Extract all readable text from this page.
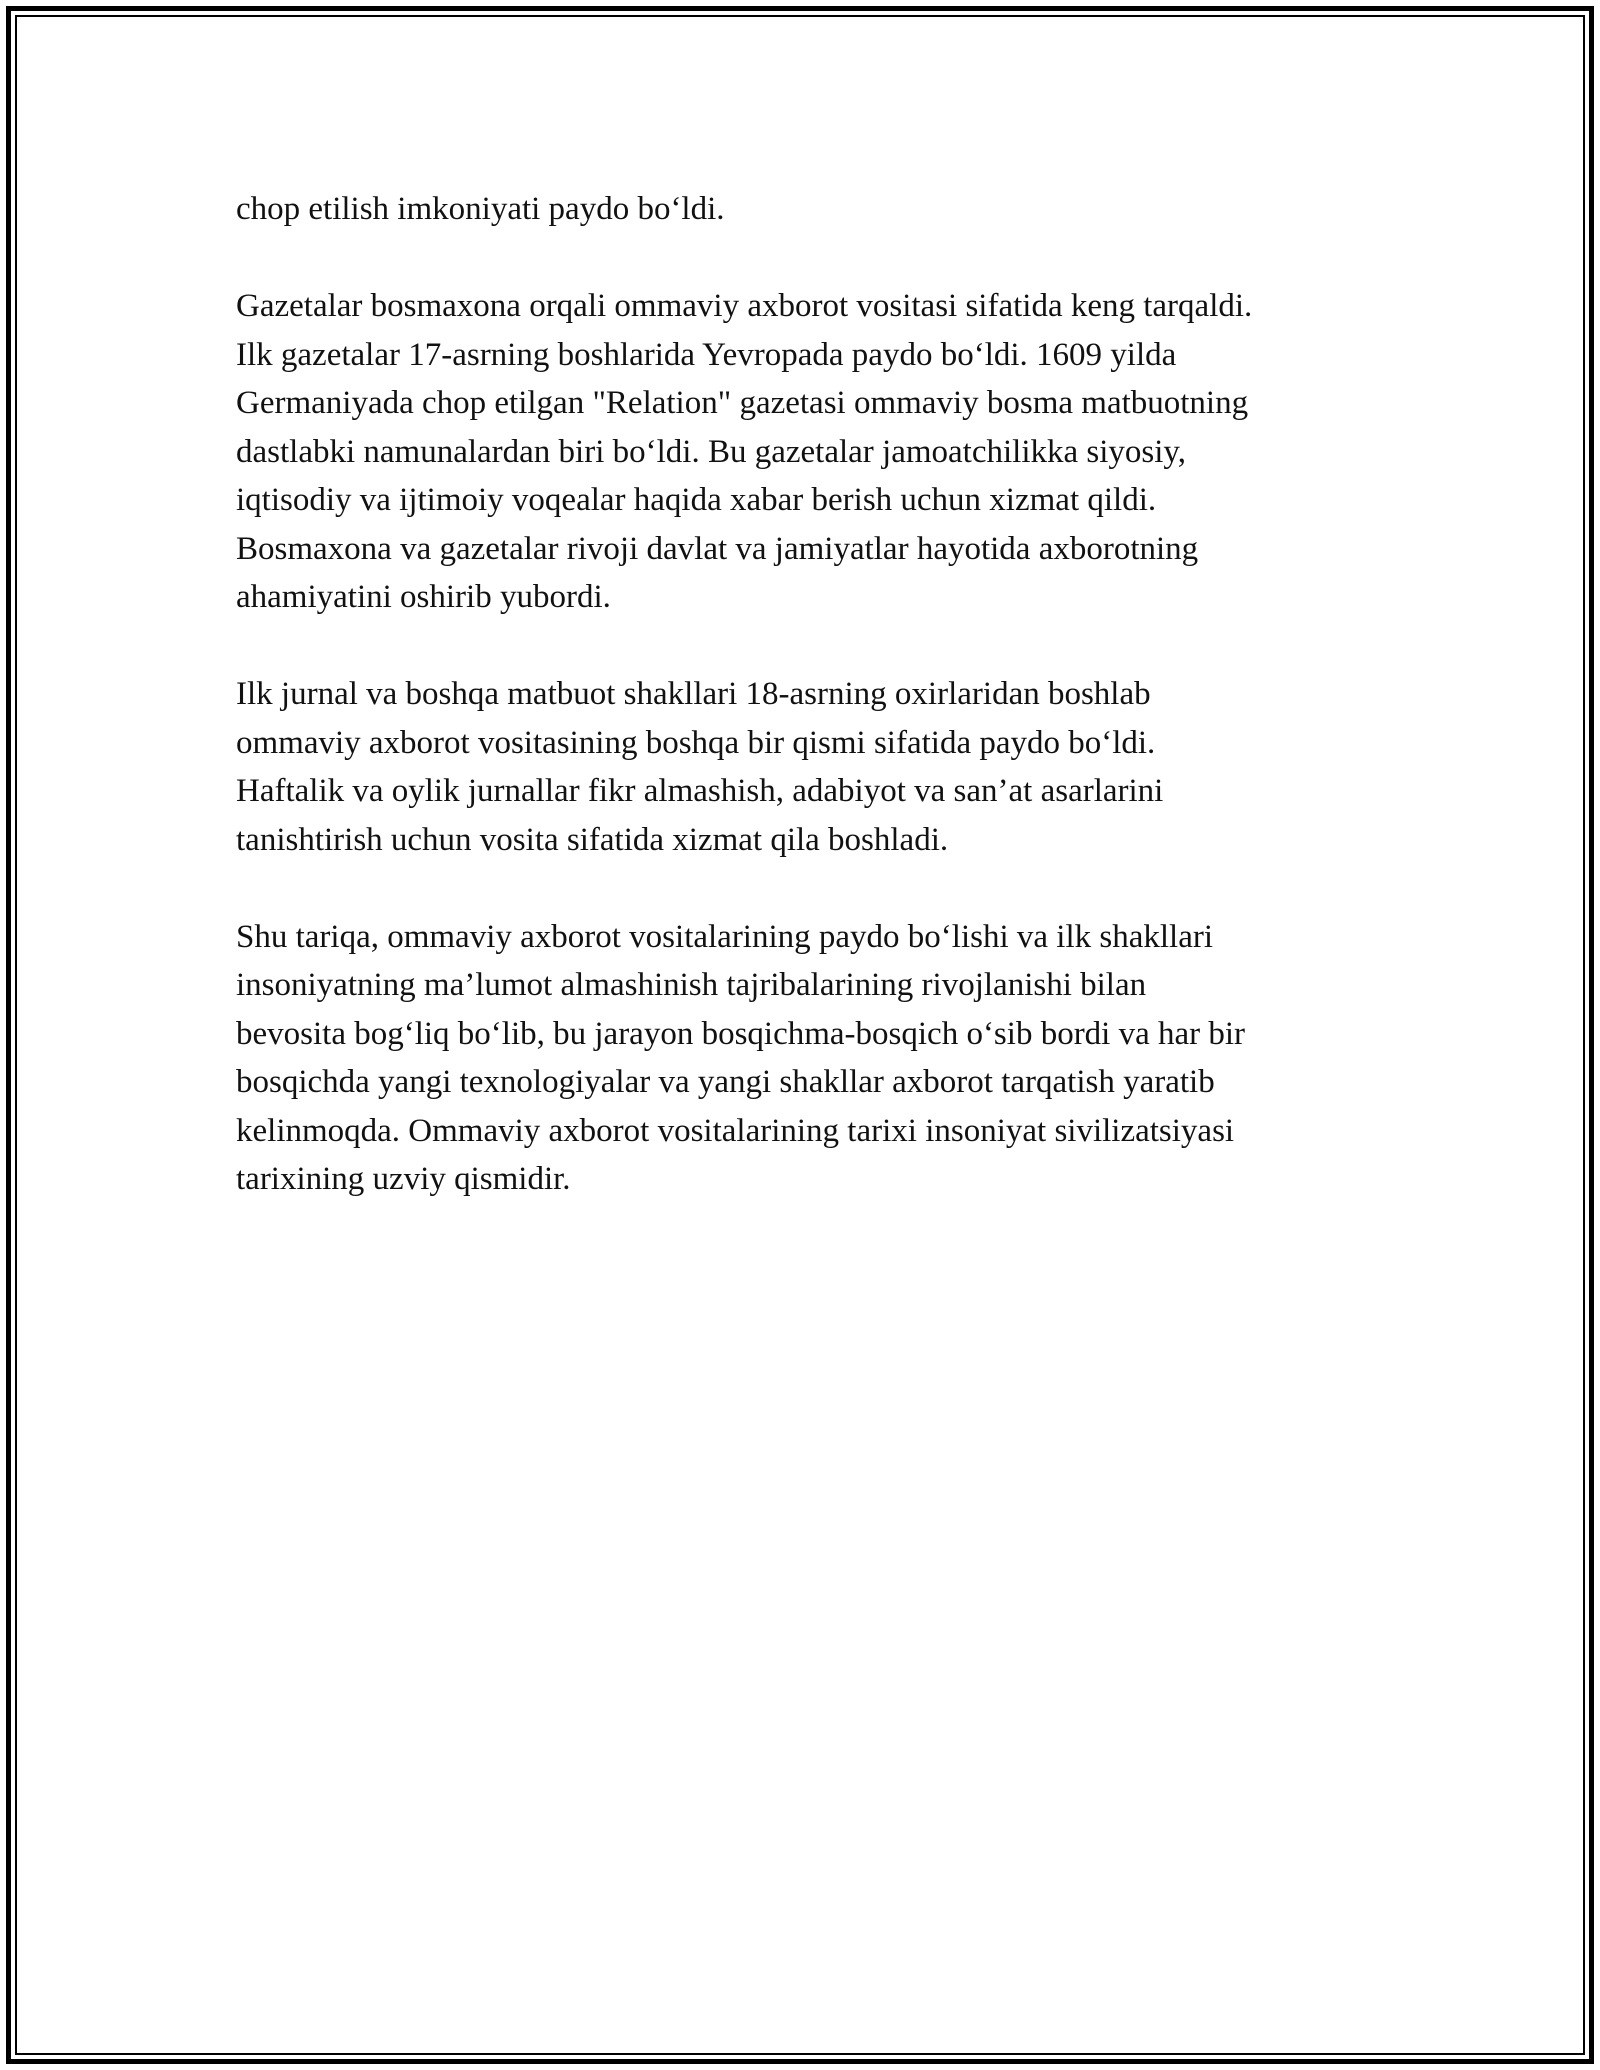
chop etilish imkoniyati paydo bo‘ldi.

Gazetalar bosmaxona orqali ommaviy axborot vositasi sifatida keng tarqaldi.
Ilk gazetalar 17-asrning boshlarida Yevropada paydo bo‘ldi. 1609 yilda
Germaniyada chop etilgan "Relation" gazetasi ommaviy bosma matbuotning
dastlabki namunalardan biri bo‘ldi. Bu gazetalar jamoatchilikka siyosiy,
iqtisodiy va ijtimoiy voqealar haqida xabar berish uchun xizmat qildi.
Bosmaxona va gazetalar rivoji davlat va jamiyatlar hayotida axborotning
ahamiyatini oshirib yubordi.

Ilk jurnal va boshqa matbuot shakllari 18-asrning oxirlaridan boshlab
ommaviy axborot vositasining boshqa bir qismi sifatida paydo bo‘ldi.
Haftalik va oylik jurnallar fikr almashish, adabiyot va san’at asarlarini
tanishtirish uchun vosita sifatida xizmat qila boshladi.

Shu tariqa, ommaviy axborot vositalarining paydo bo‘lishi va ilk shakllari
insoniyatning ma’lumot almashinish tajribalarining rivojlanishi bilan
bevosita bog‘liq bo‘lib, bu jarayon bosqichma-bosqich o‘sib bordi va har bir
bosqichda yangi texnologiyalar va yangi shakllar axborot tarqatish yaratib
kelinmoqda. Ommaviy axborot vositalarining tarixi insoniyat sivilizatsiyasi
tarixining uzviy qismidir.
